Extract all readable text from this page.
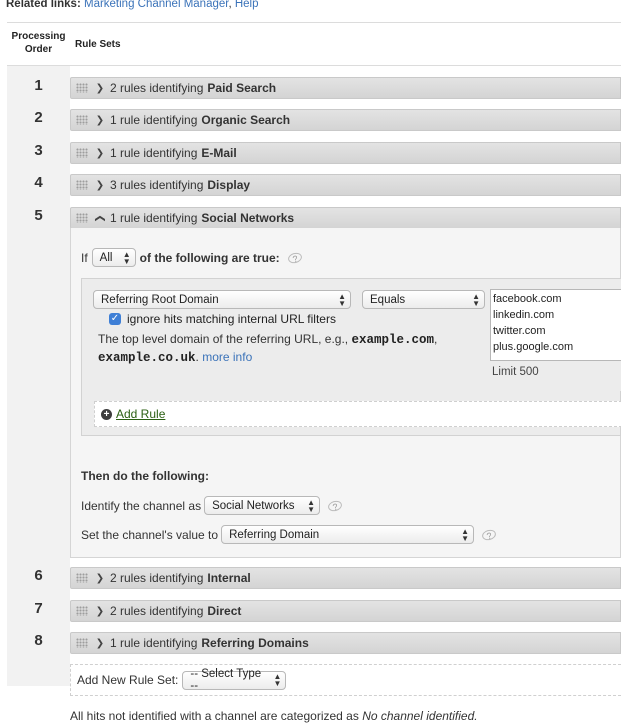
Related links: Marketing Channel Manager, Help
Processing
Order	Rule Sets
1	❯ 2 rules identifying Paid Search
2	❯ 1 rule identifying Organic Search
3	❯ 1 rule identifying E-Mail
4	❯ 3 rules identifying Display
5	❯ 1 rule identifying Social Networks
If All ▲
▼ of the following are true:	?
Referring Root Domain	▲
▼ Equals	▲
▼
✓ ignore hits matching internal URL filters
The top level domain of the referring URL, e.g., example.com, example.co.uk. more info
facebook.com
linkedin.com
twitter.com
plus.google.com
Limit 500
+ Add Rule
Then do the following:
Identify the channel as Social Networks ▲
▼	?
Set the channel's value to Referring Domain	▲
▼	?
6	❯ 2 rules identifying Internal
7	❯ 2 rules identifying Direct
8	❯ 1 rule identifying Referring Domains
Add New Rule Set: -- Select Type --
▲
▼
All hits not identified with a channel are categorized as No channel identified.
